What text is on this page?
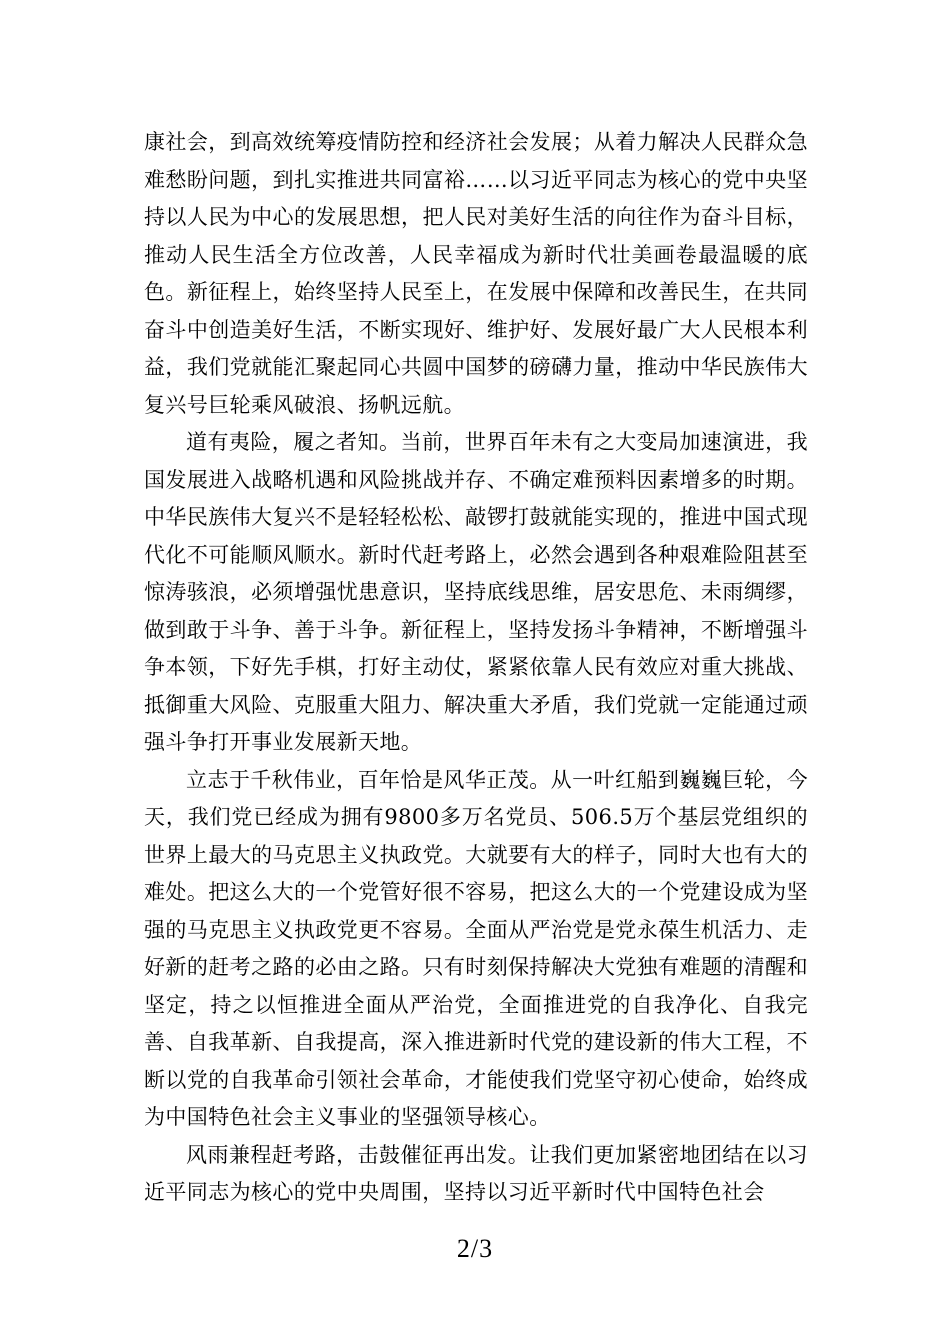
康社会，到高效统筹疫情防控和经济社会发展；从着力解决人民群众急难愁盼问题，到扎实推进共同富裕……以习近平同志为核心的党中央坚持以人民为中心的发展思想，把人民对美好生活的向往作为奋斗目标，推动人民生活全方位改善，人民幸福成为新时代壮美画卷最温暖的底色。新征程上，始终坚持人民至上，在发展中保障和改善民生，在共同奋斗中创造美好生活，不断实现好、维护好、发展好最广大人民根本利益，我们党就能汇聚起同心共圆中国梦的磅礴力量，推动中华民族伟大复兴号巨轮乘风破浪、扬帆远航。

道有夷险，履之者知。当前，世界百年未有之大变局加速演进，我国发展进入战略机遇和风险挑战并存、不确定难预料因素增多的时期。中华民族伟大复兴不是轻轻松松、敲锣打鼓就能实现的，推进中国式现代化不可能顺风顺水。新时代赶考路上，必然会遇到各种艰难险阻甚至惊涛骇浪，必须增强忧患意识，坚持底线思维，居安思危、未雨绸缪，做到敢于斗争、善于斗争。新征程上，坚持发扬斗争精神，不断增强斗争本领，下好先手棋，打好主动仗，紧紧依靠人民有效应对重大挑战、抵御重大风险、克服重大阻力、解决重大矛盾，我们党就一定能通过顽强斗争打开事业发展新天地。

立志于千秋伟业，百年恰是风华正茂。从一叶红船到巍巍巨轮，今天，我们党已经成为拥有9800多万名党员、506.5万个基层党组织的世界上最大的马克思主义执政党。大就要有大的样子，同时大也有大的难处。把这么大的一个党管好很不容易，把这么大的一个党建设成为坚强的马克思主义执政党更不容易。全面从严治党是党永葆生机活力、走好新的赶考之路的必由之路。只有时刻保持解决大党独有难题的清醒和坚定，持之以恒推进全面从严治党，全面推进党的自我净化、自我完善、自我革新、自我提高，深入推进新时代党的建设新的伟大工程，不断以党的自我革命引领社会革命，才能使我们党坚守初心使命，始终成为中国特色社会主义事业的坚强领导核心。

风雨兼程赶考路，击鼓催征再出发。让我们更加紧密地团结在以习近平同志为核心的党中央周围，坚持以习近平新时代中国特色社会

2/3
